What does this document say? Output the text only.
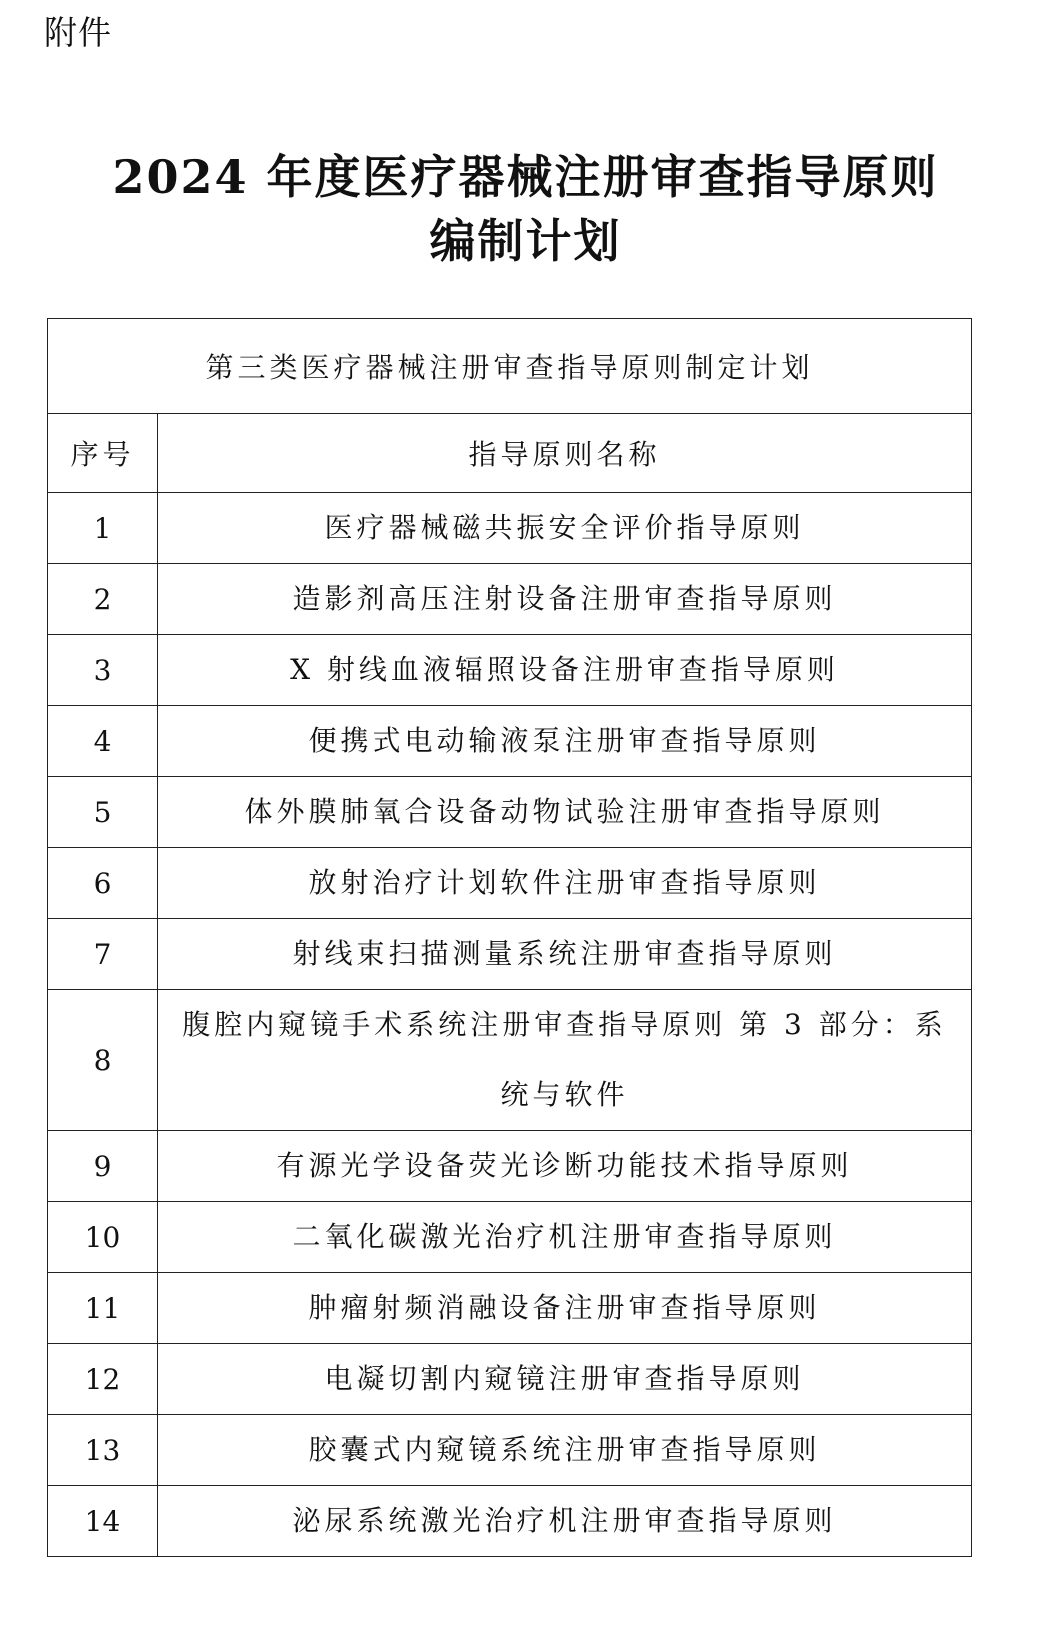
附件
2024 年度医疗器械注册审查指导原则
编制计划
第三类医疗器械注册审查指导原则制定计划	
序号	指导原则名称
1	医疗器械磁共振安全评价指导原则
2	造影剂高压注射设备注册审查指导原则
3	X 射线血液辐照设备注册审查指导原则
4	便携式电动输液泵注册审查指导原则
5	体外膜肺氧合设备动物试验注册审查指导原则
6	放射治疗计划软件注册审查指导原则
7	射线束扫描测量系统注册审查指导原则
8	腹腔内窥镜手术系统注册审查指导原则 第 3 部分：系统与软件
9	有源光学设备荧光诊断功能技术指导原则
10	二氧化碳激光治疗机注册审查指导原则
11	肿瘤射频消融设备注册审查指导原则
12	电凝切割内窥镜注册审查指导原则
13	胶囊式内窥镜系统注册审查指导原则
14	泌尿系统激光治疗机注册审查指导原则
